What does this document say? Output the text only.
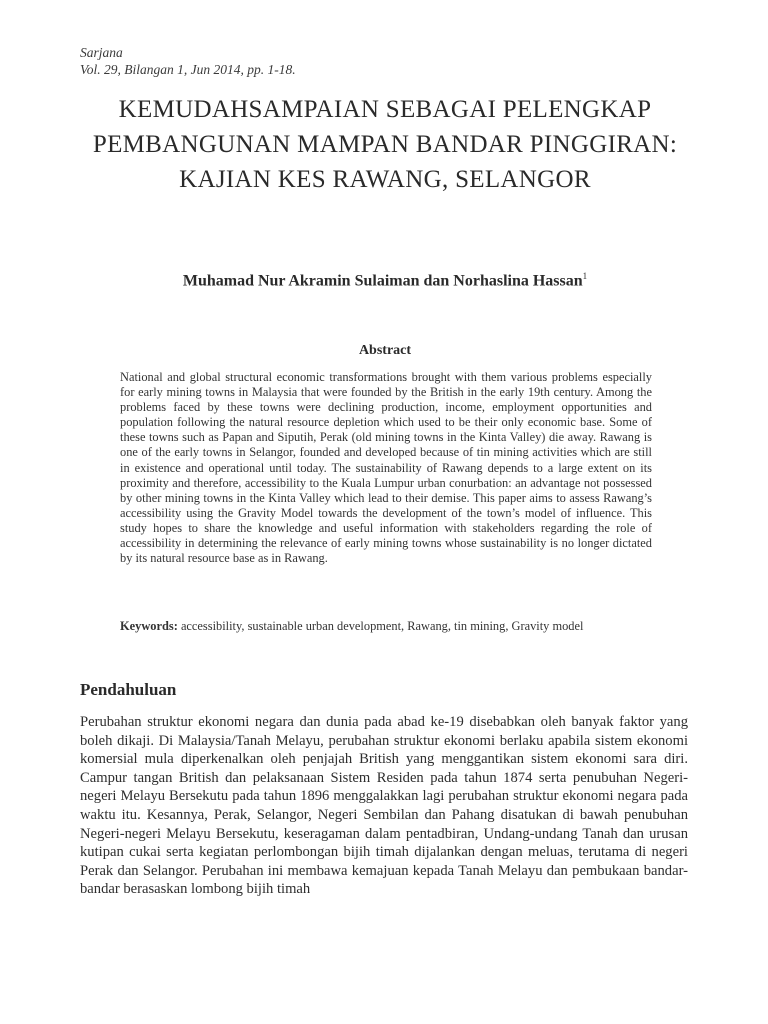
Sarjana
Vol. 29, Bilangan 1, Jun 2014, pp. 1-18.
KEMUDAHSAMPAIAN SEBAGAI PELENGKAP PEMBANGUNAN MAMPAN BANDAR PINGGIRAN: KAJIAN KES RAWANG, SELANGOR
Muhamad Nur Akramin Sulaiman dan Norhaslina Hassan$^1$
Abstract
National and global structural economic transformations brought with them various problems especially for early mining towns in Malaysia that were founded by the British in the early 19th century. Among the problems faced by these towns were declining production, income, employment opportunities and population following the natural resource depletion which used to be their only economic base. Some of these towns such as Papan and Siputih, Perak (old mining towns in the Kinta Valley) die away. Rawang is one of the early towns in Selangor, founded and developed because of tin mining activities which are still in existence and operational until today. The sustainability of Rawang depends to a large extent on its proximity and therefore, accessibility to the Kuala Lumpur urban conurbation: an advantage not possessed by other mining towns in the Kinta Valley which lead to their demise. This paper aims to assess Rawang’s accessibility using the Gravity Model towards the development of the town’s model of influence. This study hopes to share the knowledge and useful information with stakeholders regarding the role of accessibility in determining the relevance of early mining towns whose sustainability is no longer dictated by its natural resource base as in Rawang.
Keywords: accessibility, sustainable urban development, Rawang, tin mining, Gravity model
Pendahuluan
Perubahan struktur ekonomi negara dan dunia pada abad ke-19 disebabkan oleh banyak faktor yang boleh dikaji. Di Malaysia/Tanah Melayu, perubahan struktur ekonomi berlaku apabila sistem ekonomi komersial mula diperkenalkan oleh penjajah British yang menggantikan sistem ekonomi sara diri. Campur tangan British dan pelaksanaan Sistem Residen pada tahun 1874 serta penubuhan Negeri-negeri Melayu Bersekutu pada tahun 1896 menggalakkan lagi perubahan struktur ekonomi negara pada waktu itu. Kesannya, Perak, Selangor, Negeri Sembilan dan Pahang disatukan di bawah penubuhan Negeri-negeri Melayu Bersekutu, keseragaman dalam pentadbiran, Undang-undang Tanah dan urusan kutipan cukai serta kegiatan perlombongan bijih timah dijalankan dengan meluas, terutama di negeri Perak dan Selangor. Perubahan ini membawa kemajuan kepada Tanah Melayu dan pembukaan bandar-bandar berasaskan lombong bijih timah
